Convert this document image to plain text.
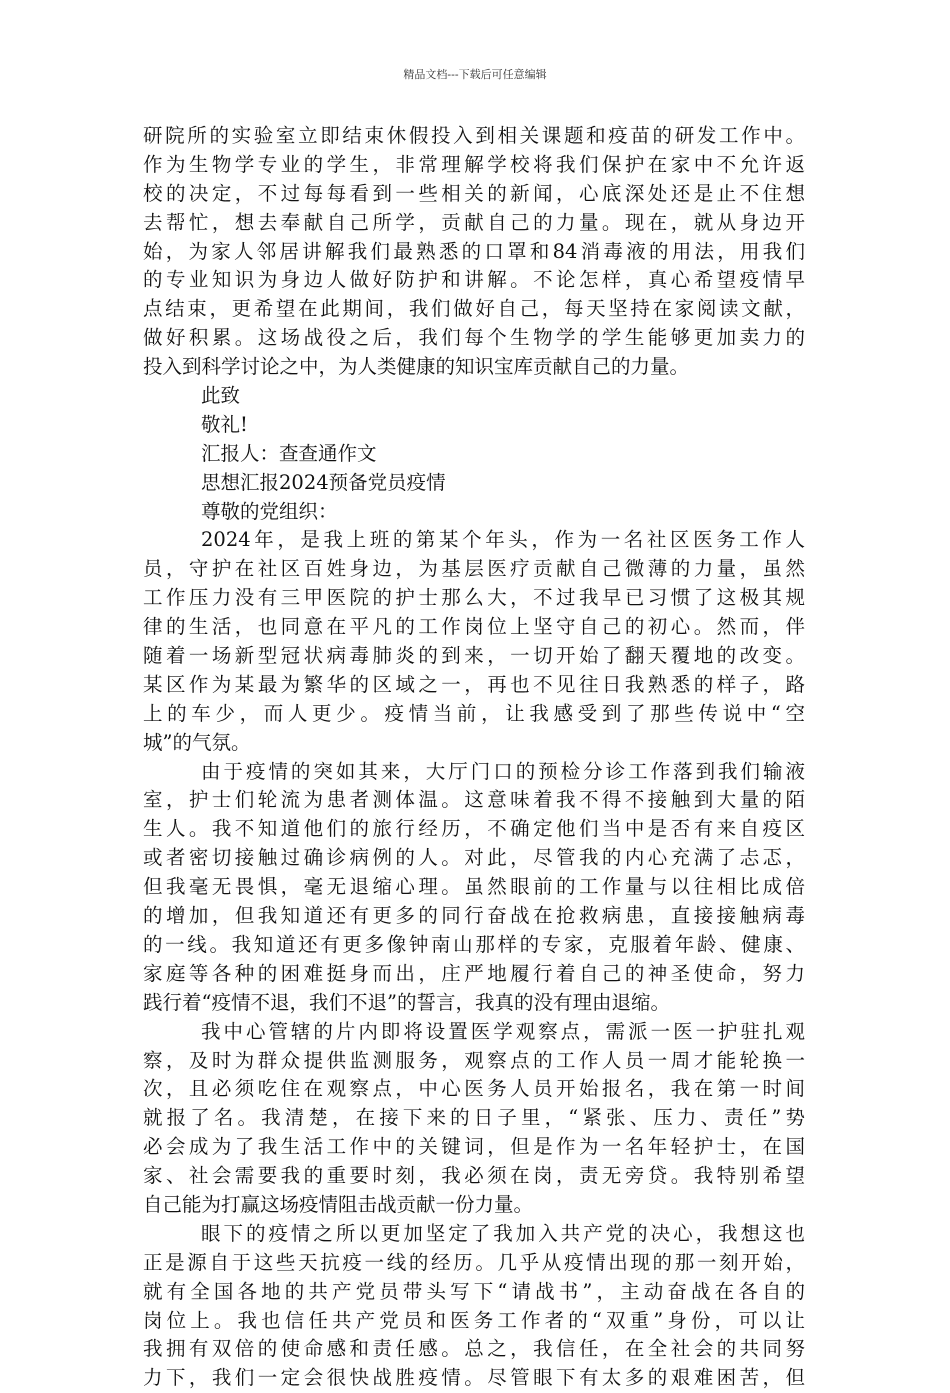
精品文档---下载后可任意编辑
研院所的实验室立即结束休假投入到相关课题和疫苗的研发工作中。
作为生物学专业的学生，非常理解学校将我们保护在家中不允许返
校的决定，不过每每看到一些相关的新闻，心底深处还是止不住想
去帮忙，想去奉献自己所学，贡献自己的力量。现在，就从身边开
始，为家人邻居讲解我们最熟悉的口罩和84消毒液的用法，用我们
的专业知识为身边人做好防护和讲解。不论怎样，真心希望疫情早
点结束，更希望在此期间，我们做好自己，每天坚持在家阅读文献，
做好积累。这场战役之后，我们每个生物学的学生能够更加卖力的
投入到科学讨论之中，为人类健康的知识宝库贡献自己的力量。
此致
敬礼!
汇报人：查查通作文
思想汇报2024预备党员疫情
尊敬的党组织：
2024年，是我上班的第某个年头，作为一名社区医务工作人
员，守护在社区百姓身边，为基层医疗贡献自己微薄的力量，虽然
工作压力没有三甲医院的护士那么大，不过我早已习惯了这极其规
律的生活，也同意在平凡的工作岗位上坚守自己的初心。然而，伴
随着一场新型冠状病毒肺炎的到来，一切开始了翻天覆地的改变。
某区作为某最为繁华的区域之一，再也不见往日我熟悉的样子，路
上的车少，而人更少。疫情当前，让我感受到了那些传说中“空
城”的气氛。
由于疫情的突如其来，大厅门口的预检分诊工作落到我们输液
室，护士们轮流为患者测体温。这意味着我不得不接触到大量的陌
生人。我不知道他们的旅行经历，不确定他们当中是否有来自疫区
或者密切接触过确诊病例的人。对此，尽管我的内心充满了忐忑，
但我毫无畏惧，毫无退缩心理。虽然眼前的工作量与以往相比成倍
的增加，但我知道还有更多的同行奋战在抢救病患，直接接触病毒
的一线。我知道还有更多像钟南山那样的专家，克服着年龄、健康、
家庭等各种的困难挺身而出，庄严地履行着自己的神圣使命，努力
践行着“疫情不退，我们不退”的誓言，我真的没有理由退缩。
我中心管辖的片内即将设置医学观察点，需派一医一护驻扎观
察，及时为群众提供监测服务，观察点的工作人员一周才能轮换一
次，且必须吃住在观察点，中心医务人员开始报名，我在第一时间
就报了名。我清楚，在接下来的日子里，“紧张、压力、责任”势
必会成为了我生活工作中的关键词，但是作为一名年轻护士，在国
家、社会需要我的重要时刻，我必须在岗，责无旁贷。我特别希望
自己能为打赢这场疫情阻击战贡献一份力量。
眼下的疫情之所以更加坚定了我加入共产党的决心，我想这也
正是源自于这些天抗疫一线的经历。几乎从疫情出现的那一刻开始，
就有全国各地的共产党员带头写下“请战书”，主动奋战在各自的
岗位上。我也信任共产党员和医务工作者的“双重”身份，可以让
我拥有双倍的使命感和责任感。总之，我信任，在全社会的共同努
力下，我们一定会很快战胜疫情。尽管眼下有太多的艰难困苦，但
